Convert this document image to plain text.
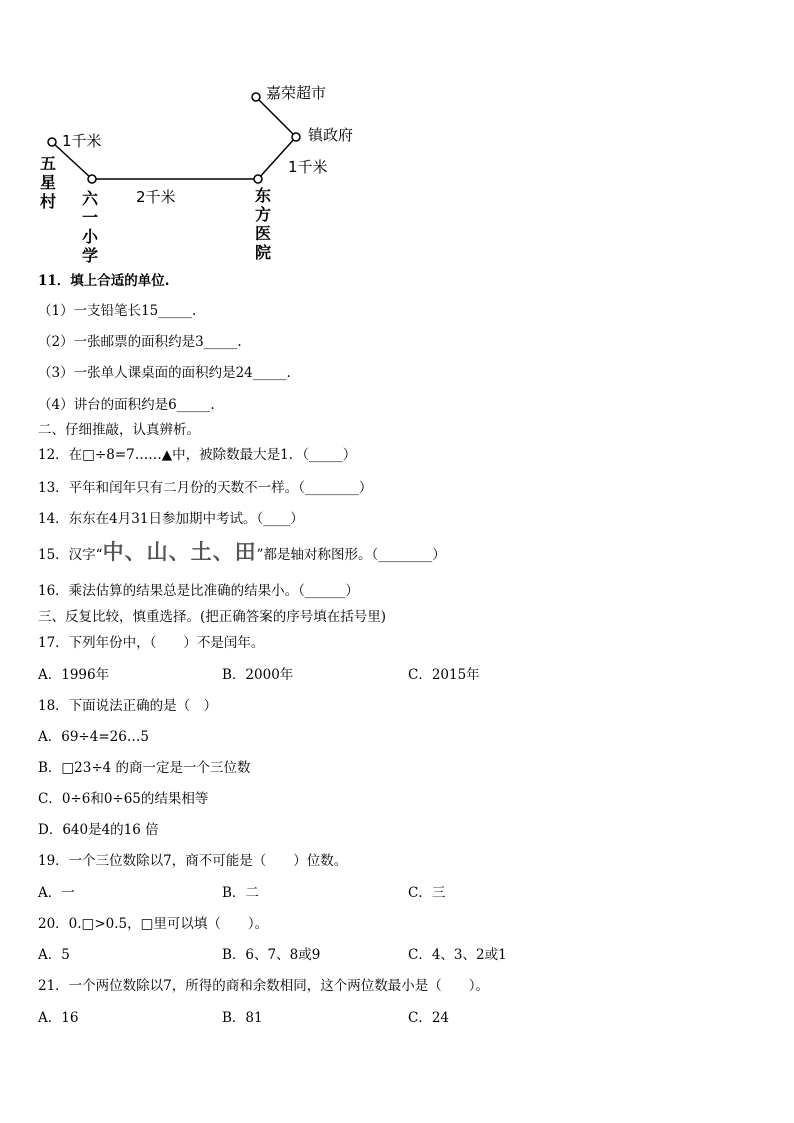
嘉荣超市
镇政府
1千米
1千米
2千米
五星村 六一小学
东方医院
11．填上合适的单位.
（1）一支铅笔长15_____.
（2）一张邮票的面积约是3_____.
（3）一张单人课桌面的面积约是24_____.
（4）讲台的面积约是6_____.
二、仔细推敲，认真辨析。
12．在□÷8=7……▲中，被除数最大是1．（_____）
13．平年和闰年只有二月份的天数不一样。（________）
14．东东在4月31日参加期中考试。（____）
15．汉字“中、山、土、田”都是轴对称图形。（________）
16．乘法估算的结果总是比准确的结果小。（______）
三、反复比较，慎重选择。(把正确答案的序号填在括号里)
17．下列年份中，（　　）不是闰年。
A．1996年	B．2000年	C．2015年
18．下面说法正确的是（　）
A．69÷4=26…5
B．□23÷4 的商一定是一个三位数
C．0÷6和0÷65的结果相等
D．640是4的16 倍
19．一个三位数除以7，商不可能是（　　）位数。
A．一	B．二	C．三
20．0.□>0.5，□里可以填（　　）。
A．5	B．6、7、8或9	C．4、3、2或1
21．一个两位数除以7，所得的商和余数相同，这个两位数最小是（　　）。
A．16	B．81	C．24
